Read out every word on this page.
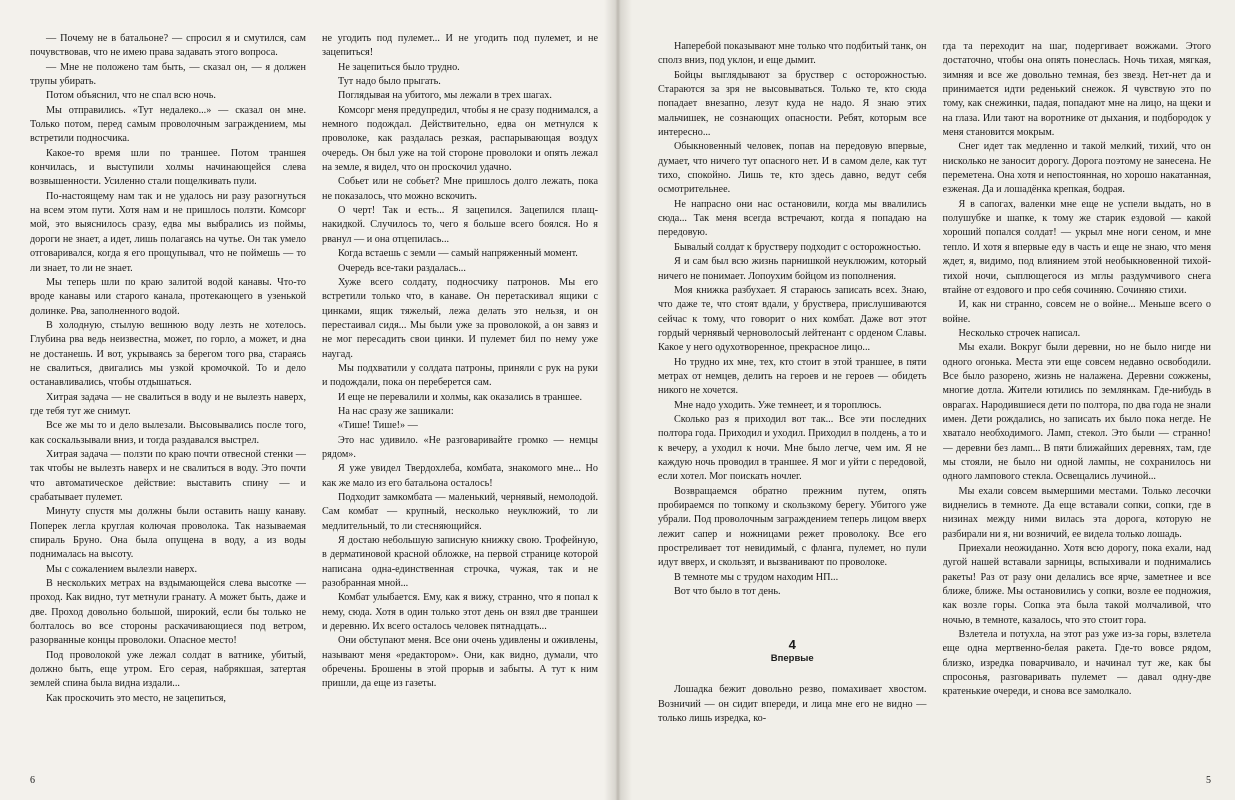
— Почему не в батальоне? — спросил я и смутился, сам почувствовав, что не имею права задавать этого вопроса.

— Мне не положено там быть, — сказал он, — я должен трупы убирать.

Потом объяснил, что не спал всю ночь.

Мы отправились. «Тут недалеко...» — сказал он мне. Только потом, перед самым проволочным заграждением, мы встретили подносчика.

Какое-то время шли по траншее. Потом траншея кончилась, и выступили холмы начинающейся слева возвышенности. Усиленно стали пощелкивать пули.

По-настоящему нам так и не удалось ни разу разогнуться на всем этом пути. Хотя нам и не пришлось ползти. Комсорг мой, это выяснилось сразу, едва мы выбрались из поймы, дороги не знает, а идет, лишь полагаясь на чутье. Он так умело отговаривался, когда я его прощупывал, что не поймешь — то ли знает, то ли не знает.

Мы теперь шли по краю залитой водой канавы. Что-то вроде канавы или старого канала, протекающего в узенькой долинке. Рва, заполненного водой.

В холодную, стылую вешнюю воду лезть не хотелось. Глубина рва ведь неизвестна, может, по горло, а может, и дна не достанешь. И вот, укрываясь за берегом того рва, стараясь не свалиться, двигались мы узкой кромочкой. То и дело останавливались, чтобы отдышаться.

Хитрая задача — не свалиться в воду и не вылезть наверх, где тебя тут же снимут.

Все же мы то и дело вылезали. Высовывались после того, как соскальзывали вниз, и тогда раздавался выстрел.

Хитрая задача — ползти по краю почти отвесной стенки — так чтобы не вылезть наверх и не свалиться в воду. Это почти что автоматическое действие: выставить спину — и срабатывает пулемет.

Минуту спустя мы должны были оставить нашу канаву. Поперек легла круглая колючая проволока. Так называемая спираль Бруно. Она была опущена в воду, а из воды поднималась на высоту.

Мы с сожалением вылезли наверх.

В нескольких метрах на вздымающейся слева высотке — проход. Как видно, тут метнули гранату. А может быть, даже и две. Проход довольно большой, широкий, если бы только не болталось во все стороны раскачивающиеся под ветром, разорванные концы проволоки. Опасное место!

Под проволокой уже лежал солдат в ватнике, убитый, должно быть, еще утром. Его серая, набрякшая, затертая землей спина была видна издали...

Как проскочить это место, не зацепиться,

не угодить под пулемет... И не угодить под пулемет, и не зацепиться!

Не зацепиться было трудно.

Тут надо было прыгать.

Поглядывая на убитого, мы лежали в трех шагах.

Комсорг меня предупредил, чтобы я не сразу поднимался, а немного подождал. Действительно, едва он метнулся к проволоке, как раздалась резкая, распарывающая воздух очередь. Он был уже на той стороне проволоки и опять лежал на земле, я видел, что он проскочил удачно.

Собьет или не собьет? Мне пришлось долго лежать, пока не показалось, что можно вскочить.

О черт! Так и есть... Я зацепился. Зацепился плащ-накидкой. Случилось то, чего я больше всего боялся. Но я рванул — и она отцепилась...

Когда встаешь с земли — самый напряженный момент.

Очередь все-таки раздалась...

Хуже всего солдату, подносчику патронов. Мы его встретили только что, в канаве. Он перетаскивал ящики с цинками, ящик тяжелый, лежа делать это нельзя, и он перестаивал сидя... Мы были уже за проволокой, а он завяз и не мог пересадить свои цинки. И пулемет бил по нему уже наугад.

Мы подхватили у солдата патроны, приняли с рук на руки и подождали, пока он переберется сам.

И еще не перевалили и холмы, как оказались в траншее.

На нас сразу же зашикали:

«Тише! Тише!» —

Это нас удивило. «Не разговаривайте громко — немцы рядом».

Я уже увидел Твердохлеба, комбата, знакомого мне... Но как же мало из его батальона осталось!

Подходит замкомбата — маленький, чернявый, немолодой. Сам комбат — крупный, несколько неуклюжий, то ли медлительный, то ли стесняющийся.

Я достаю небольшую записную книжку свою. Трофейную, в дерматиновой красной обложке, на первой странице которой написана одна-единственная строчка, чужая, так и не разобранная мной...

Комбат улыбается. Ему, как я вижу, странно, что я попал к нему, сюда. Хотя в один только этот день он взял две траншеи и деревню. Их всего осталось человек пятнадцать...

Они обступают меня. Все они очень удивлены и оживлены, называют меня «редактором». Они, как видно, думали, что обречены. Брошены в этой прорыв и забыты. А тут к ним пришли, да еще из газеты.

6

Наперебой показывают мне только что подбитый танк, он сполз вниз, под уклон, и еще дымит.

Бойцы выглядывают за бруствер с осторожностью. Стараются за зря не высовываться. Только те, кто сюда попадает внезапно, лезут куда не надо. Я знаю этих мальчишек, не сознающих опасности. Ребят, которым все интересно...

Обыкновенный человек, попав на передовую впервые, думает, что ничего тут опасного нет. И в самом деле, как тут тихо, спокойно. Лишь те, кто здесь давно, ведут себя осмотрительнее.

Не напрасно они нас остановили, когда мы ввалились сюда... Так меня всегда встречают, когда я попадаю на передовую.

Бывалый солдат к брустверу подходит с осторожностью.

Я и сам был всю жизнь парнишкой неуклюжим, который ничего не понимает. Лопоухим бойцом из пополнения.

Моя книжка разбухает. Я стараюсь записать всех. Знаю, что даже те, что стоят вдали, у бруствера, прислушиваются сейчас к тому, что говорит о них комбат. Даже вот этот гордый чернявый черноволосый лейтенант с орденом Славы. Какое у него одухотворенное, прекрасное лицо...

Но трудно их мне, тех, кто стоит в этой траншее, в пяти метрах от немцев, делить на героев и не героев — обидеть никого не хочется.

Мне надо уходить. Уже темнеет, и я тороплюсь.

Сколько раз я приходил вот так... Все эти последних полтора года. Приходил и уходил. Приходил в полдень, а то и к вечеру, а уходил к ночи. Мне было легче, чем им. Я не каждую ночь проводил в траншее. Я мог и уйти с передовой, если хотел. Мог поискать ночлег.

Возвращаемся обратно прежним путем, опять пробираемся по топкому и скользкому берегу. Убитого уже убрали. Под проволочным заграждением теперь лицом вверх лежит сапер и ножницами режет проволоку. Все его простреливает тот невидимый, с фланга, пулемет, но пули идут вверх, и скользят, и вызванивают по проволоке.

В темноте мы с трудом находим НП...

Вот что было в тот день.

4
Впервые

Лошадка бежит довольно резво, помахивает хвостом. Возничий — он сидит впереди, и лица мне его не видно — только лишь изредка, ко-

гда та переходит на шаг, подергивает вожжами. Этого достаточно, чтобы она опять понеслась. Ночь тихая, мягкая, зимняя и все же довольно темная, без звезд. Нет-нет да и принимается идти реденький снежок. Я чувствую это по тому, как снежинки, падая, попадают мне на лицо, на щеки и на глаза. Или тают на воротнике от дыхания, и подбородок у меня становится мокрым.

Снег идет так медленно и такой мелкий, тихий, что он нисколько не заносит дорогу. Дорога поэтому не занесена. Не переметена. Она хотя и непостоянная, но хорошо накатанная, езженая. Да и лошадёнка крепкая, бодрая.

Я в сапогах, валенки мне еще не успели выдать, но в полушубке и шапке, к тому же старик ездовой — какой хороший попался солдат! — укрыл мне ноги сеном, и мне тепло. И хотя я впервые еду в часть и еще не знаю, что меня ждет, я, видимо, под влиянием этой необыкновенной тихой-тихой ночи, сыплющегося из мглы раздумчивого снега втайне от ездового и про себя сочиняю. Сочиняю стихи.

И, как ни странно, совсем не о войне... Меньше всего о войне.

Несколько строчек написал.

Мы ехали. Вокруг были деревни, но не было нигде ни одного огонька. Места эти еще совсем недавно освободили. Все было разорено, жизнь не налажена. Деревни сожжены, многие дотла. Жители ютились по землянкам. Где-нибудь в оврагах. Народившиеся дети по полтора, по два года не знали имен. Дети рождались, но записать их было пока негде. Не хватало необходимого. Ламп, стекол. Это были — странно! — деревни без ламп... В пяти ближайших деревнях, там, где мы стояли, не было ни одной лампы, не сохранилось ни одного лампового стекла. Освещались лучиной...

Мы ехали совсем вымершими местами. Только лесочки виднелись в темноте. Да еще вставали сопки, сопки, где в низинах между ними вилась эта дорога, которую не разбирали ни я, ни возничий, ее видела только лошадь.

Приехали неожиданно. Хотя всю дорогу, пока ехали, над дугой нашей вставали зарницы, вспыхивали и поднимались ракеты! Раз от разу они делались все ярче, заметнее и все ближе, ближе. Мы остановились у сопки, возле ее подножия, как возле горы. Сопка эта была такой молчаливой, что ночью, в темноте, казалось, что это стоит гора.

Взлетела и потухла, на этот раз уже из-за горы, взлетела еще одна мертвенно-белая ракета. Где-то вовсе рядом, близко, изредка поварчивало, и начинал тут же, как бы спросонья, разговаривать пулемет — давал одну-две кратенькие очереди, и снова все замолкало.

5
